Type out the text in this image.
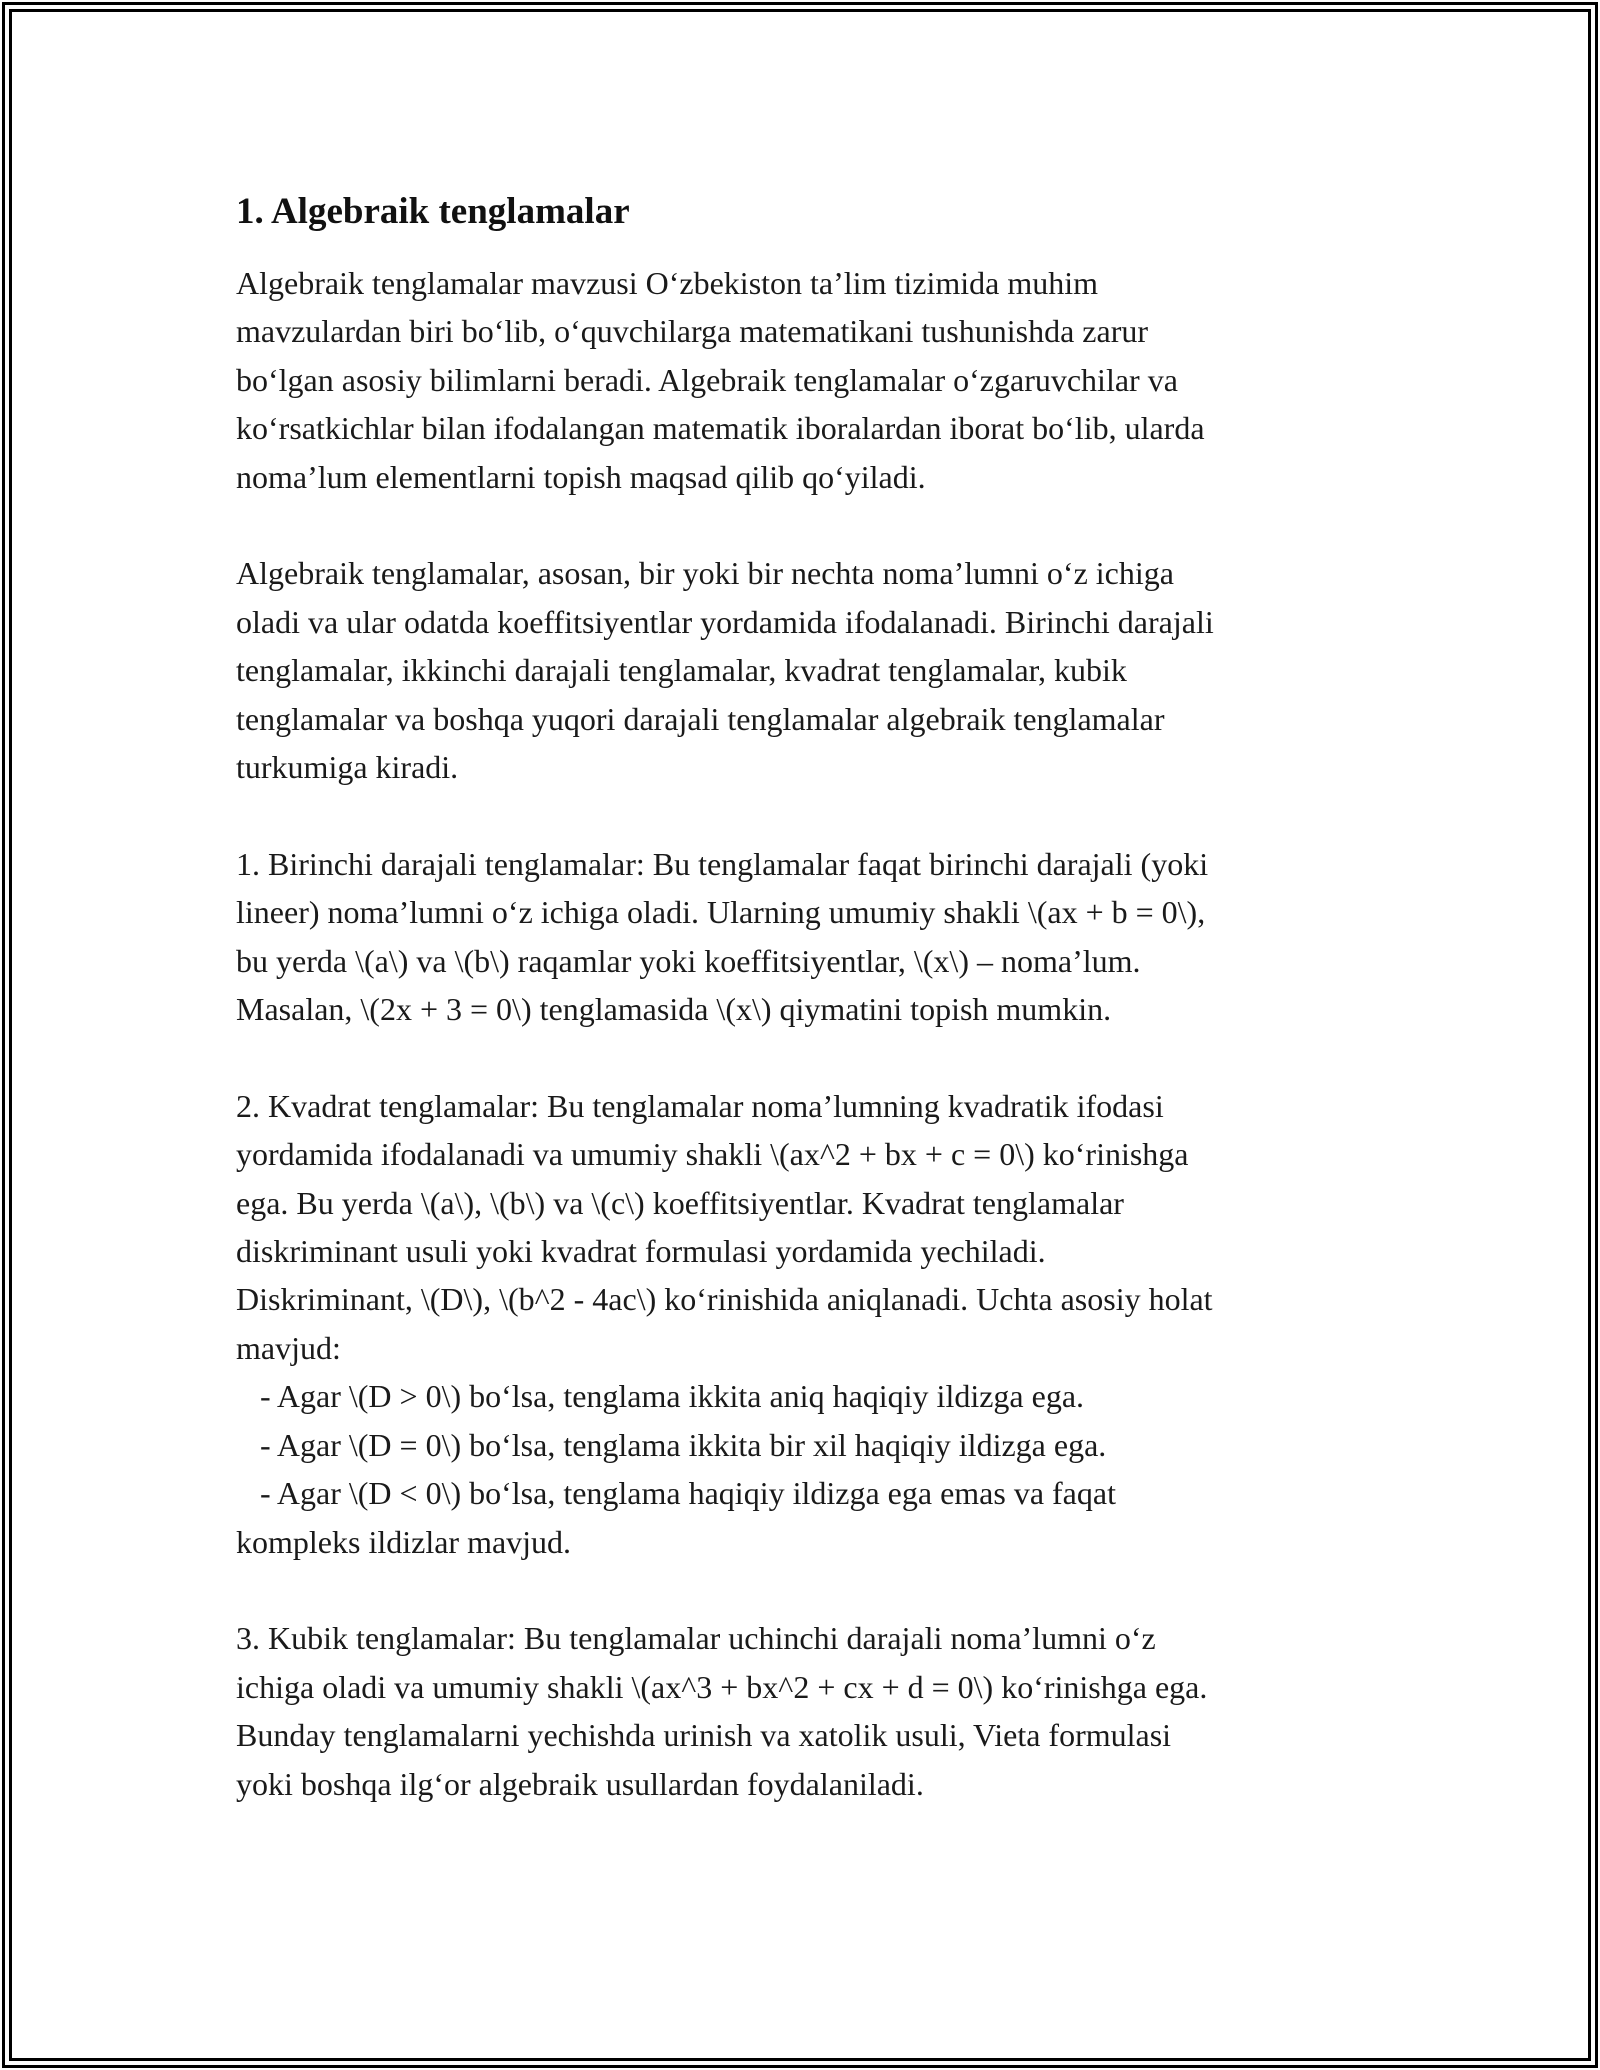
1. Algebraik tenglamalar
Algebraik tenglamalar mavzusi O‘zbekiston ta’lim tizimida muhim
mavzulardan biri bo‘lib, o‘quvchilarga matematikani tushunishda zarur
bo‘lgan asosiy bilimlarni beradi. Algebraik tenglamalar o‘zgaruvchilar va
ko‘rsatkichlar bilan ifodalangan matematik iboralardan iborat bo‘lib, ularda
noma’lum elementlarni topish maqsad qilib qo‘yiladi.
Algebraik tenglamalar, asosan, bir yoki bir nechta noma’lumni o‘z ichiga
oladi va ular odatda koeffitsiyentlar yordamida ifodalanadi. Birinchi darajali
tenglamalar, ikkinchi darajali tenglamalar, kvadrat tenglamalar, kubik
tenglamalar va boshqa yuqori darajali tenglamalar algebraik tenglamalar
turkumiga kiradi.
1. Birinchi darajali tenglamalar: Bu tenglamalar faqat birinchi darajali (yoki
lineer) noma’lumni o‘z ichiga oladi. Ularning umumiy shakli \(ax + b = 0\),
bu yerda \(a\) va \(b\) raqamlar yoki koeffitsiyentlar, \(x\) – noma’lum.
Masalan, \(2x + 3 = 0\) tenglamasida \(x\) qiymatini topish mumkin.
2. Kvadrat tenglamalar: Bu tenglamalar noma’lumning kvadratik ifodasi
yordamida ifodalanadi va umumiy shakli \(ax^2 + bx + c = 0\) ko‘rinishga
ega. Bu yerda \(a\), \(b\) va \(c\) koeffitsiyentlar. Kvadrat tenglamalar
diskriminant usuli yoki kvadrat formulasi yordamida yechiladi.
Diskriminant, \(D\), \(b^2 - 4ac\) ko‘rinishida aniqlanadi. Uchta asosiy holat
mavjud:
- Agar \(D > 0\) bo‘lsa, tenglama ikkita aniq haqiqiy ildizga ega.
- Agar \(D = 0\) bo‘lsa, tenglama ikkita bir xil haqiqiy ildizga ega.
- Agar \(D < 0\) bo‘lsa, tenglama haqiqiy ildizga ega emas va faqat
kompleks ildizlar mavjud.
3. Kubik tenglamalar: Bu tenglamalar uchinchi darajali noma’lumni o‘z
ichiga oladi va umumiy shakli \(ax^3 + bx^2 + cx + d = 0\) ko‘rinishga ega.
Bunday tenglamalarni yechishda urinish va xatolik usuli, Vieta formulasi
yoki boshqa ilg‘or algebraik usullardan foydalaniladi.
